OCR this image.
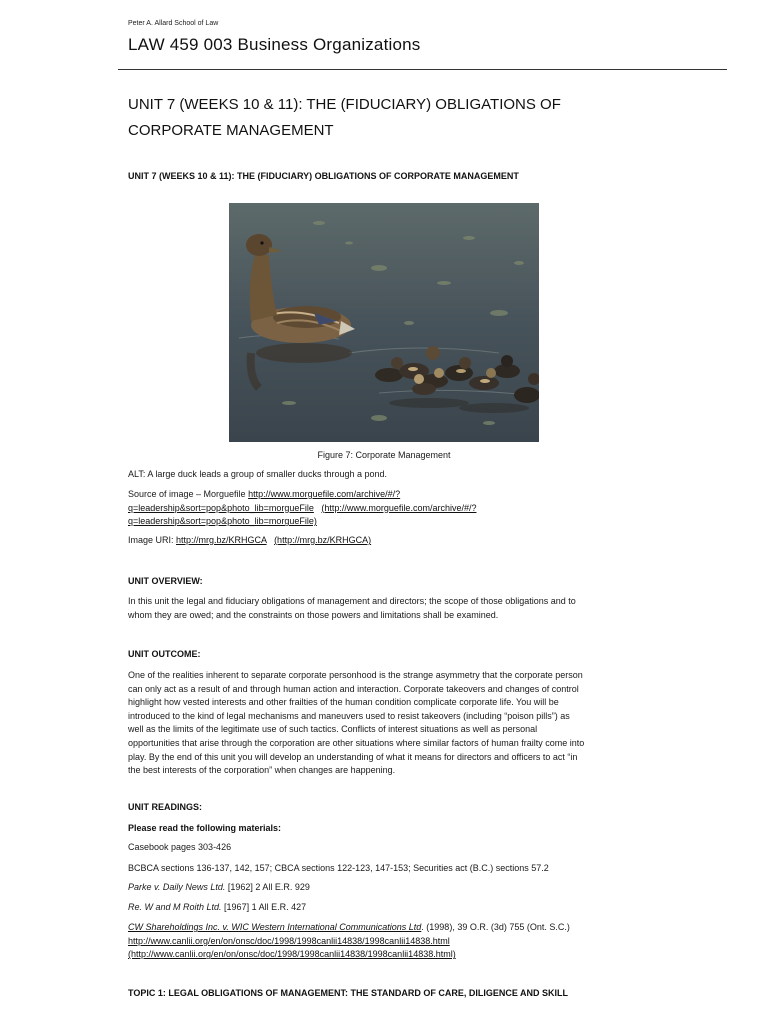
Peter A. Allard School of Law
LAW 459 003 Business Organizations
UNIT 7 (WEEKS 10 & 11): THE (FIDUCIARY) OBLIGATIONS OF
CORPORATE MANAGEMENT
UNIT 7 (WEEKS 10 & 11): THE (FIDUCIARY) OBLIGATIONS OF CORPORATE MANAGEMENT
Figure 7: Corporate Management
ALT: A large duck leads a group of smaller ducks through a pond.
Source of image – Morguefile http://www.morguefile.com/archive/#/?
q=leadership&sort=pop&photo_lib=morgueFile (http://www.morguefile.com/archive/#/?
q=leadership&sort=pop&photo_lib=morgueFile)
Image URI: http://mrg.bz/KRHGCA (http://mrg.bz/KRHGCA)
UNIT OVERVIEW:
In this unit the legal and fiduciary obligations of management and directors; the scope of those obligations and to
whom they are owed; and the constraints on those powers and limitations shall be examined.
UNIT OUTCOME:
One of the realities inherent to separate corporate personhood is the strange asymmetry that the corporate person
can only act as a result of and through human action and interaction. Corporate takeovers and changes of control
highlight how vested interests and other frailties of the human condition complicate corporate life. You will be
introduced to the kind of legal mechanisms and maneuvers used to resist takeovers (including “poison pills”) as
well as the limits of the legitimate use of such tactics. Conflicts of interest situations as well as personal
opportunities that arise through the corporation are other situations where similar factors of human frailty come into
play. By the end of this unit you will develop an understanding of what it means for directors and officers to act “in
the best interests of the corporation” when changes are happening.
UNIT READINGS:
Please read the following materials:
Casebook pages 303-426
BCBCA sections 136-137, 142, 157; CBCA sections 122-123, 147-153; Securities act (B.C.) sections 57.2
Parke v. Daily News Ltd. [1962] 2 All E.R. 929
Re. W and M Roith Ltd. [1967] 1 All E.R. 427
CW Shareholdings Inc. v. WIC Western International Communications Ltd. (1998), 39 O.R. (3d) 755 (Ont. S.C.)
http://www.canlii.org/en/on/onsc/doc/1998/1998canlii14838/1998canlii14838.html
(http://www.canlii.org/en/on/onsc/doc/1998/1998canlii14838/1998canlii14838.html)
TOPIC 1: LEGAL OBLIGATIONS OF MANAGEMENT: THE STANDARD OF CARE, DILIGENCE AND SKILL
